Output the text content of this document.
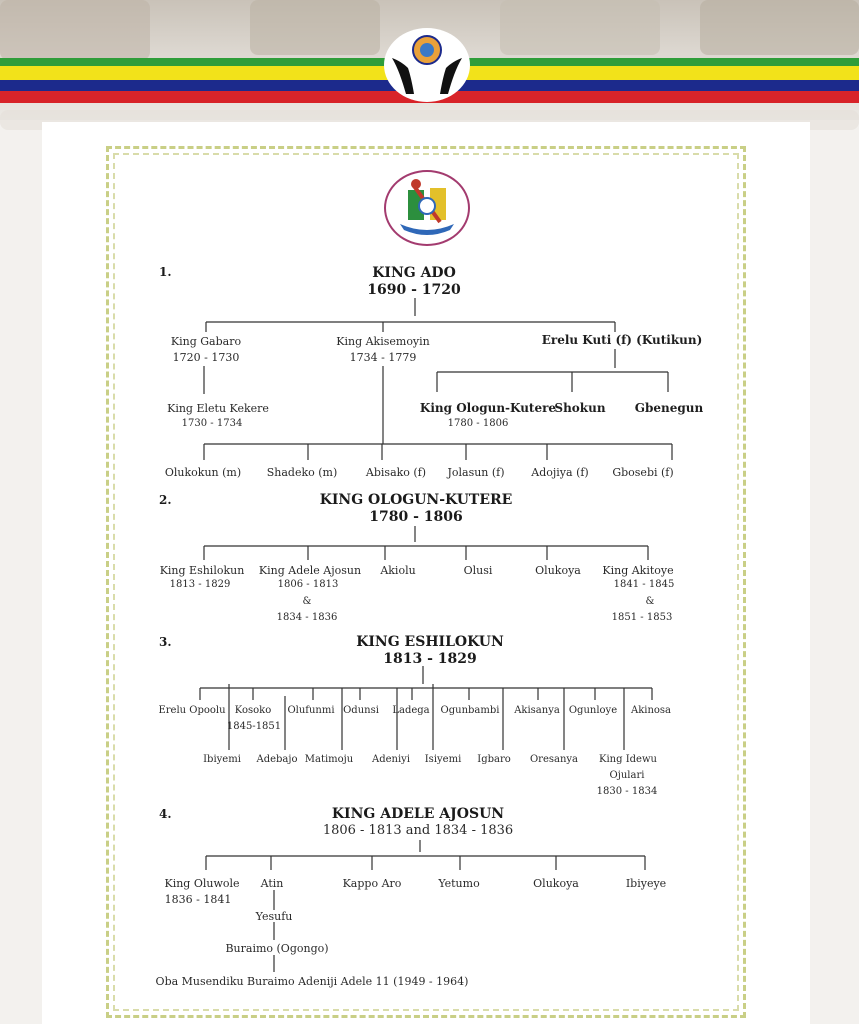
1.	KING ADO
1690 - 1720
King Gabaro
1720 - 1730
King Akisemoyin
1734 - 1779
Erelu Kuti (f) (Kutikun)
King Eletu Kekere
1730 - 1734
King Ologun-Kutere
1780 - 1806
Shokun Gbenegun
Olukokun (m) Shadeko (m)	Abisako (f) Jolasun (f) Adojiya (f) Gbosebi (f)
2.	KING OLOGUN-KUTERE
1780 - 1806
King Eshilokun
1813 - 1829
King Adele Ajosun
1806 - 1813
&
1834 - 1836
Akiolu	Olusi	Olukoya King Akitoye
1841 - 1845
&
1851 - 1853
3.	KING ESHILOKUN
1813 - 1829
Erelu Opoolu Kosoko
1845-1851
Olufunmi Odunsi Ladega Ogunbambi Akisanya Ogunloye Akinosa
Ibiyemi Adebajo Matimoju Adeniyi Isiyemi Igbaro Oresanya King Idewu
Ojulari
1830 - 1834
4.	KING ADELE AJOSUN
1806 - 1813 and 1834 - 1836
King Oluwole
1836 - 1841
Atin	Kappo Aro	Yetumo	Olukoya	Ibiyeye
Yesufu
Buraimo (Ogongo)
Oba Musendiku Buraimo Adeniji Adele 11 (1949 - 1964)
